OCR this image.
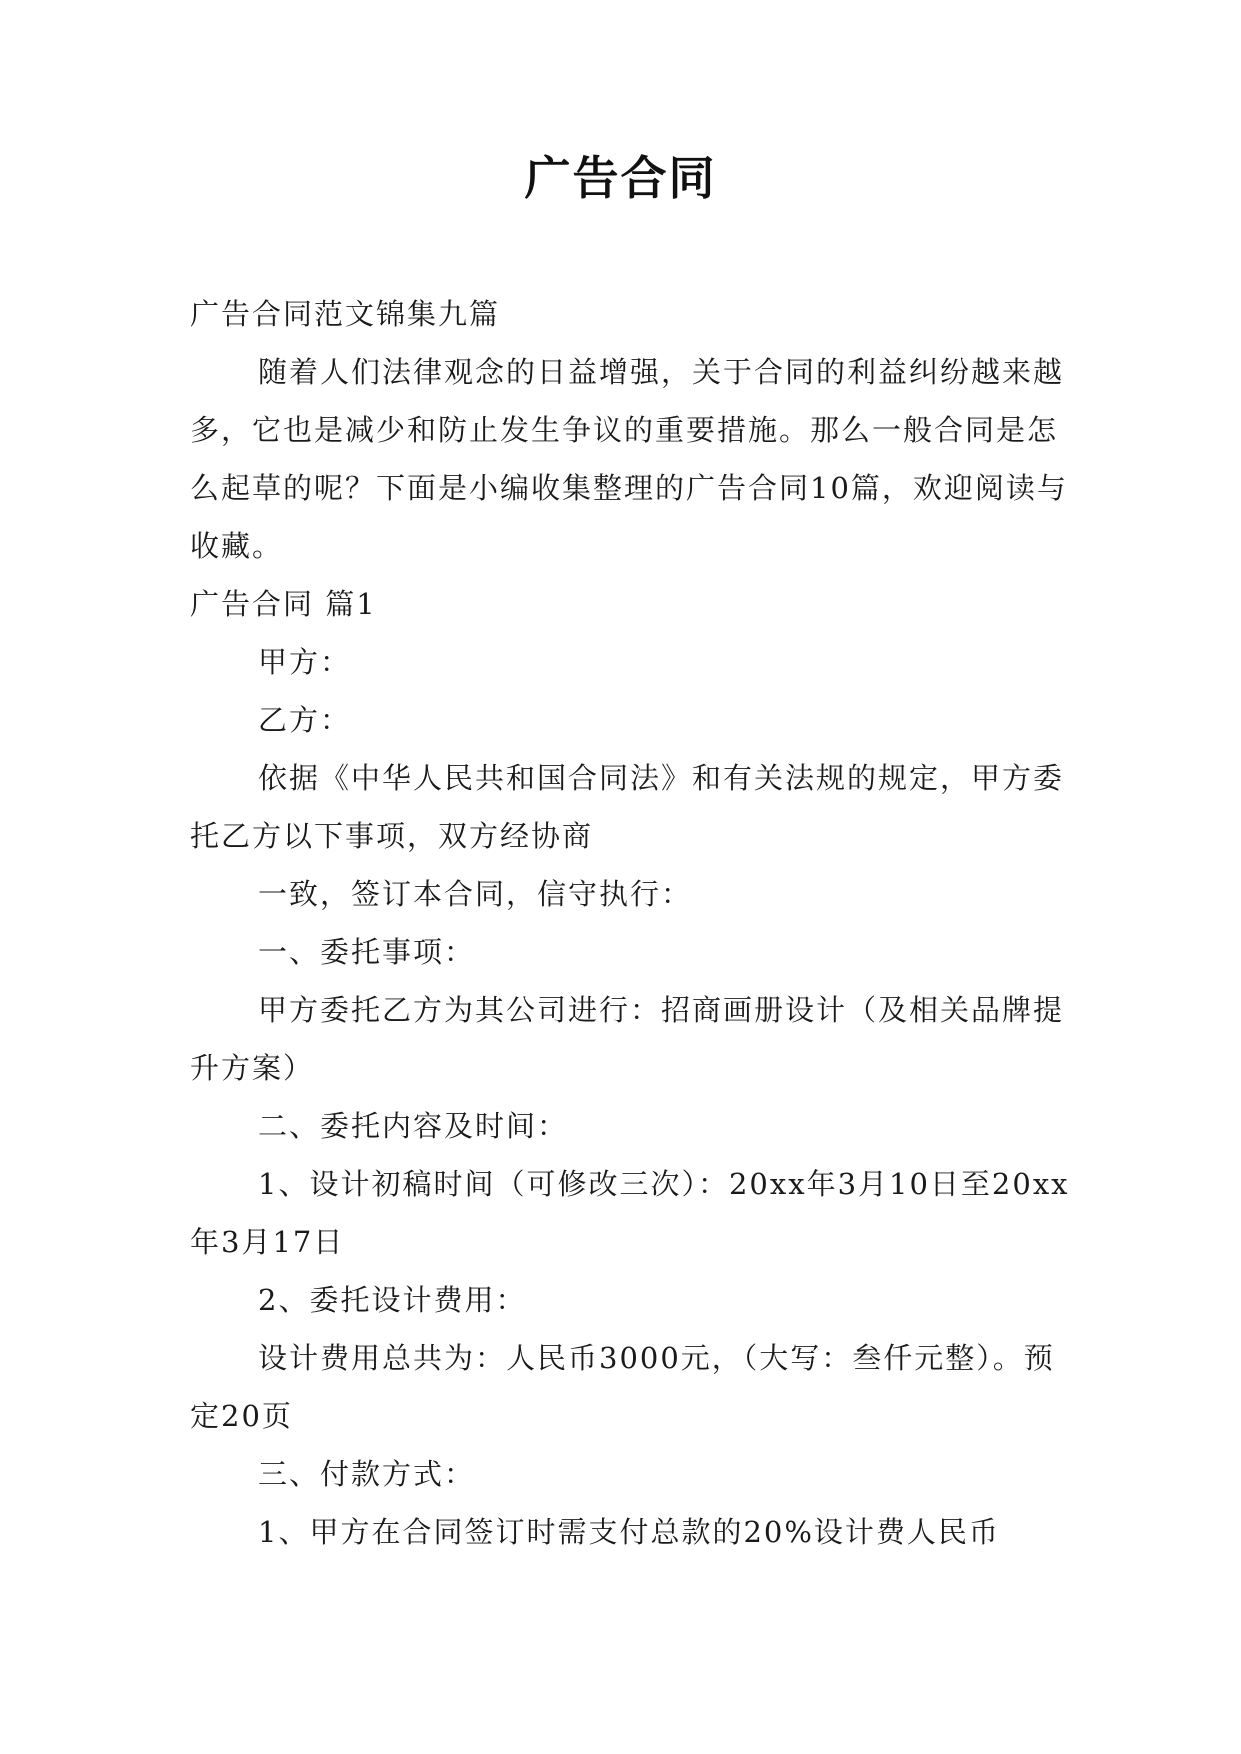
广告合同

广告合同范文锦集九篇

随着人们法律观念的日益增强，关于合同的利益纠纷越来越多，它也是减少和防止发生争议的重要措施。那么一般合同是怎么起草的呢？下面是小编收集整理的广告合同10篇，欢迎阅读与收藏。

广告合同 篇1

甲方：

乙方：

依据《中华人民共和国合同法》和有关法规的规定，甲方委托乙方以下事项，双方经协商

一致，签订本合同，信守执行：

一、委托事项：

甲方委托乙方为其公司进行：招商画册设计（及相关品牌提升方案）

二、委托内容及时间：

1、设计初稿时间（可修改三次）：20xx年3月10日至20xx年3月17日

2、委托设计费用：

设计费用总共为：人民币3000元，（大写：叁仟元整）。预定20页

三、付款方式：

1、甲方在合同签订时需支付总款的20%设计费人民币
